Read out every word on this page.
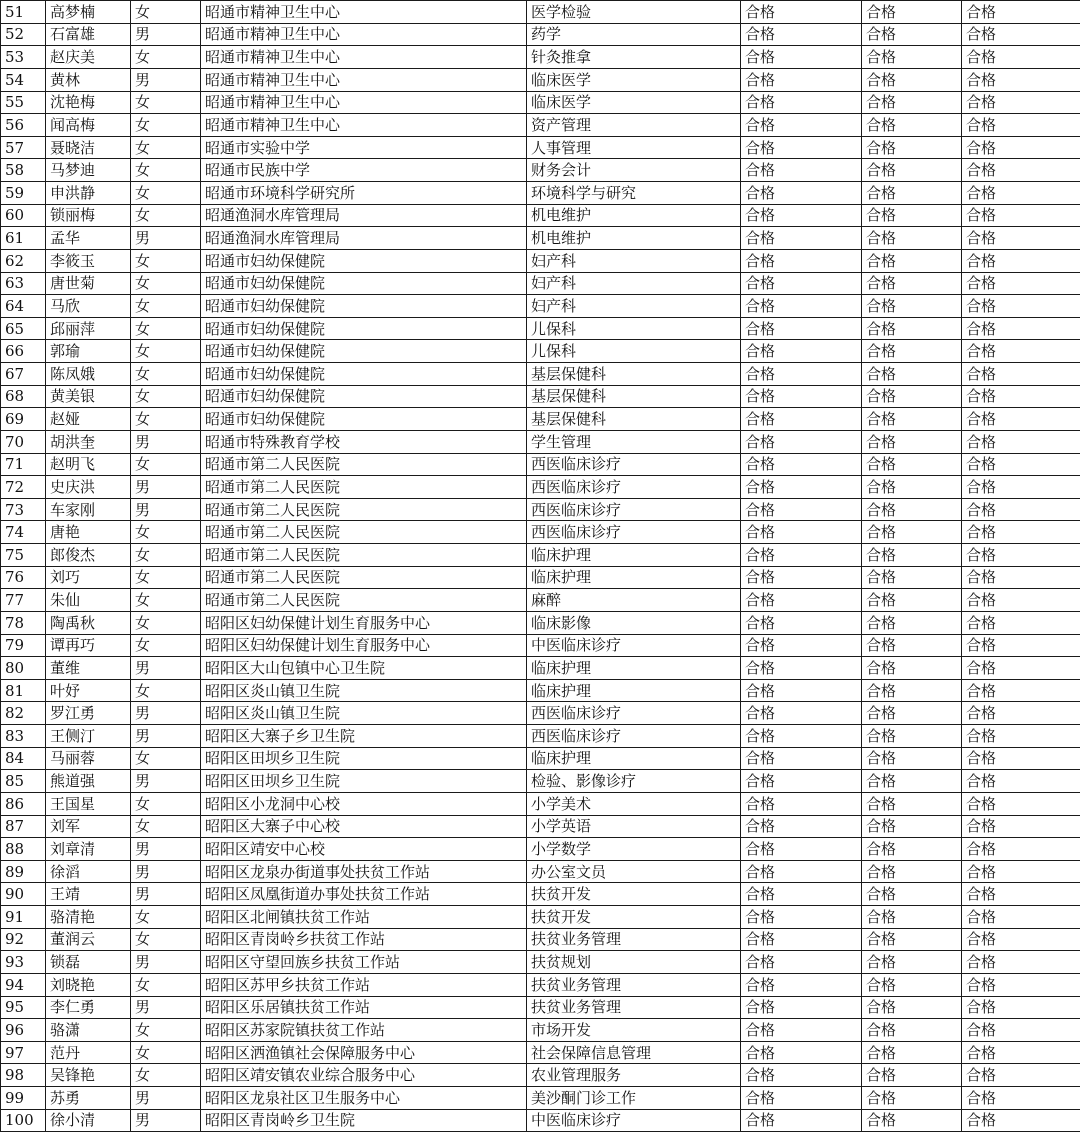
51	高梦楠	女	昭通市精神卫生中心	医学检验	合格	合格	合格
52	石富雄	男	昭通市精神卫生中心	药学	合格	合格	合格
53	赵庆美	女	昭通市精神卫生中心	针灸推拿	合格	合格	合格
54	黄林	男	昭通市精神卫生中心	临床医学	合格	合格	合格
55	沈艳梅	女	昭通市精神卫生中心	临床医学	合格	合格	合格
56	闻高梅	女	昭通市精神卫生中心	资产管理	合格	合格	合格
57	聂晓洁	女	昭通市实验中学	人事管理	合格	合格	合格
58	马梦迪	女	昭通市民族中学	财务会计	合格	合格	合格
59	申洪静	女	昭通市环境科学研究所	环境科学与研究	合格	合格	合格
60	锁丽梅	女	昭通渔洞水库管理局	机电维护	合格	合格	合格
61	孟华	男	昭通渔洞水库管理局	机电维护	合格	合格	合格
62	李筱玉	女	昭通市妇幼保健院	妇产科	合格	合格	合格
63	唐世菊	女	昭通市妇幼保健院	妇产科	合格	合格	合格
64	马欣	女	昭通市妇幼保健院	妇产科	合格	合格	合格
65	邱丽萍	女	昭通市妇幼保健院	儿保科	合格	合格	合格
66	郭瑜	女	昭通市妇幼保健院	儿保科	合格	合格	合格
67	陈凤娥	女	昭通市妇幼保健院	基层保健科	合格	合格	合格
68	黄美银	女	昭通市妇幼保健院	基层保健科	合格	合格	合格
69	赵娅	女	昭通市妇幼保健院	基层保健科	合格	合格	合格
70	胡洪奎	男	昭通市特殊教育学校	学生管理	合格	合格	合格
71	赵明飞	女	昭通市第二人民医院	西医临床诊疗	合格	合格	合格
72	史庆洪	男	昭通市第二人民医院	西医临床诊疗	合格	合格	合格
73	车家刚	男	昭通市第二人民医院	西医临床诊疗	合格	合格	合格
74	唐艳	女	昭通市第二人民医院	西医临床诊疗	合格	合格	合格
75	郎俊杰	女	昭通市第二人民医院	临床护理	合格	合格	合格
76	刘巧	女	昭通市第二人民医院	临床护理	合格	合格	合格
77	朱仙	女	昭通市第二人民医院	麻醉	合格	合格	合格
78	陶禹秋	女	昭阳区妇幼保健计划生育服务中心	临床影像	合格	合格	合格
79	谭再巧	女	昭阳区妇幼保健计划生育服务中心	中医临床诊疗	合格	合格	合格
80	董维	男	昭阳区大山包镇中心卫生院	临床护理	合格	合格	合格
81	叶妤	女	昭阳区炎山镇卫生院	临床护理	合格	合格	合格
82	罗江勇	男	昭阳区炎山镇卫生院	西医临床诊疗	合格	合格	合格
83	王侧汀	男	昭阳区大寨子乡卫生院	西医临床诊疗	合格	合格	合格
84	马丽蓉	女	昭阳区田坝乡卫生院	临床护理	合格	合格	合格
85	熊道强	男	昭阳区田坝乡卫生院	检验、影像诊疗	合格	合格	合格
86	王国星	女	昭阳区小龙洞中心校	小学美术	合格	合格	合格
87	刘军	女	昭阳区大寨子中心校	小学英语	合格	合格	合格
88	刘章清	男	昭阳区靖安中心校	小学数学	合格	合格	合格
89	徐滔	男	昭阳区龙泉办街道事处扶贫工作站	办公室文员	合格	合格	合格
90	王靖	男	昭阳区凤凰街道办事处扶贫工作站	扶贫开发	合格	合格	合格
91	骆清艳	女	昭阳区北闸镇扶贫工作站	扶贫开发	合格	合格	合格
92	董润云	女	昭阳区青岗岭乡扶贫工作站	扶贫业务管理	合格	合格	合格
93	锁磊	男	昭阳区守望回族乡扶贫工作站	扶贫规划	合格	合格	合格
94	刘晓艳	女	昭阳区苏甲乡扶贫工作站	扶贫业务管理	合格	合格	合格
95	李仁勇	男	昭阳区乐居镇扶贫工作站	扶贫业务管理	合格	合格	合格
96	骆潇	女	昭阳区苏家院镇扶贫工作站	市场开发	合格	合格	合格
97	范丹	女	昭阳区洒渔镇社会保障服务中心	社会保障信息管理	合格	合格	合格
98	吴锋艳	女	昭阳区靖安镇农业综合服务中心	农业管理服务	合格	合格	合格
99	苏勇	男	昭阳区龙泉社区卫生服务中心	美沙酮门诊工作	合格	合格	合格
100	徐小清	男	昭阳区青岗岭乡卫生院	中医临床诊疗	合格	合格	合格
